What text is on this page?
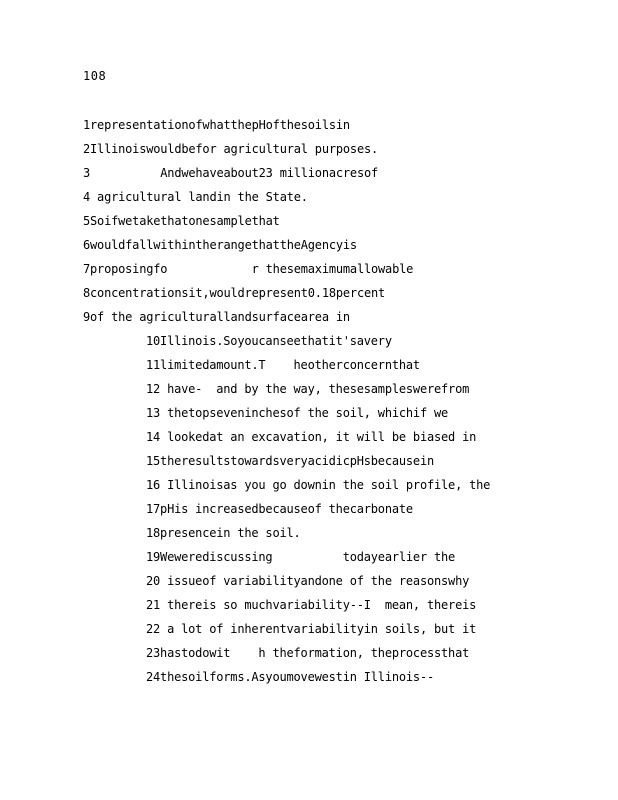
108
1representationofwhatthepHofthesoilsin
2Illinoiswouldbefor agricultural purposes.
3          Andwehaveabout23 millionacresof
4 agricultural landin the State.
5Soifwetakethatonesamplethat
6wouldfallwithintherangethattheAgencyis
7proposingfo            r thesemaximumallowable
8concentrationsit,wouldrepresent0.18percent
9of the agriculturallandsurfacearea in
10Illinois.Soyoucanseethatit'savery
11limitedamount.T    heotherconcernthat
12 have-  and by the way, thesesampleswerefrom
13 thetopseveninchesof the soil, whichif we
14 lookedat an excavation, it will be biased in
15theresultstowardsveryacidicpHsbecausein
16 Illinoisas you go downin the soil profile, the
17pHis increasedbecauseof thecarbonate
18presencein the soil.
19Wewerediscussing          todayearlier the
20 issueof variabilityandone of the reasonswhy
21 thereis so muchvariability--I  mean, thereis
22 a lot of inherentvariabilityin soils, but it
23hastodowit    h theformation, theprocessthat
24thesoilforms.Asyoumovewestin Illinois--
